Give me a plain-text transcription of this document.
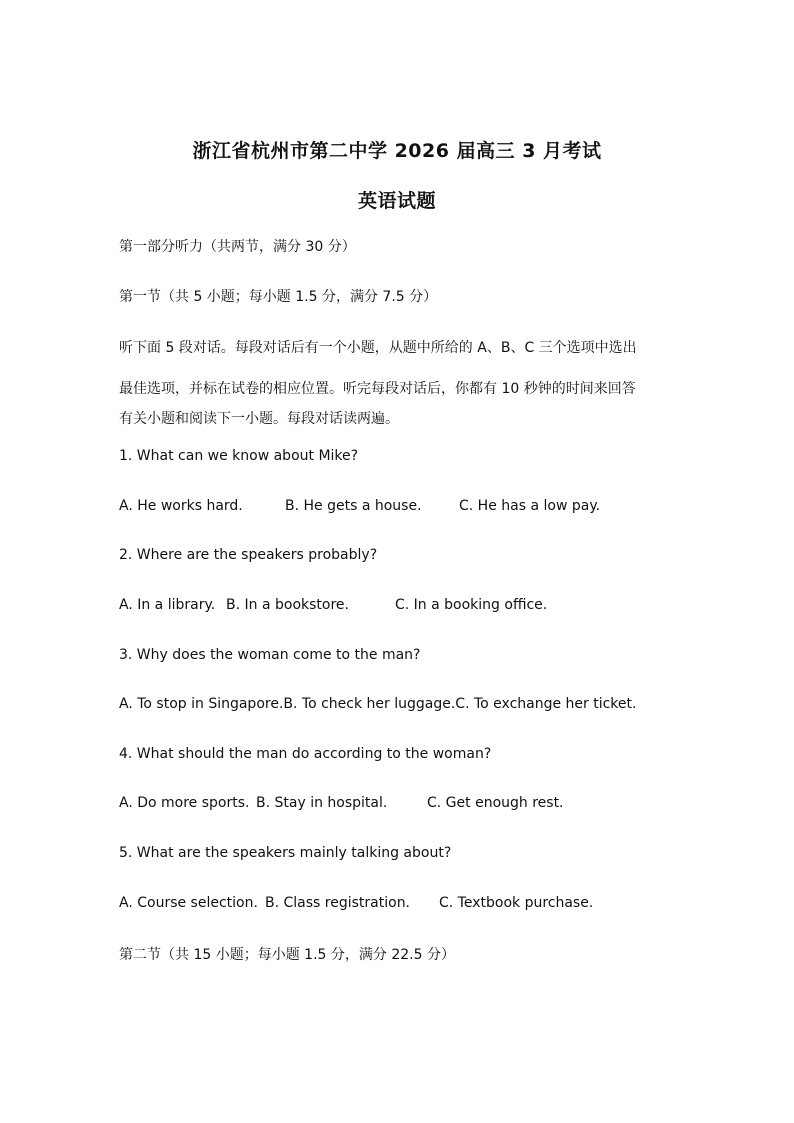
浙江省杭州市第二中学 2026 届高三 3 月考试
英语试题
第一部分听力（共两节，满分 30 分）
第一节（共 5 小题；每小题 1.5 分，满分 7.5 分）
听下面 5 段对话。每段对话后有一个小题，从题中所给的 A、B、C 三个选项中选出
最佳选项，并标在试卷的相应位置。听完每段对话后，你都有 10 秒钟的时间来回答
有关小题和阅读下一小题。每段对话读两遍。
1. What can we know about Mike?
A. He works hard.	B. He gets a house.	C. He has a low pay.
2. Where are the speakers probably?
A. In a library. B. In a bookstore.	C. In a booking office.
3. Why does the woman come to the man?
A. To stop in Singapore.B. To check her luggage.C. To exchange her ticket.
4. What should the man do according to the woman?
A. Do more sports. B. Stay in hospital.	C. Get enough rest.
5. What are the speakers mainly talking about?
A. Course selection. B. Class registration. C. Textbook purchase.
第二节（共 15 小题；每小题 1.5 分，满分 22.5 分）
